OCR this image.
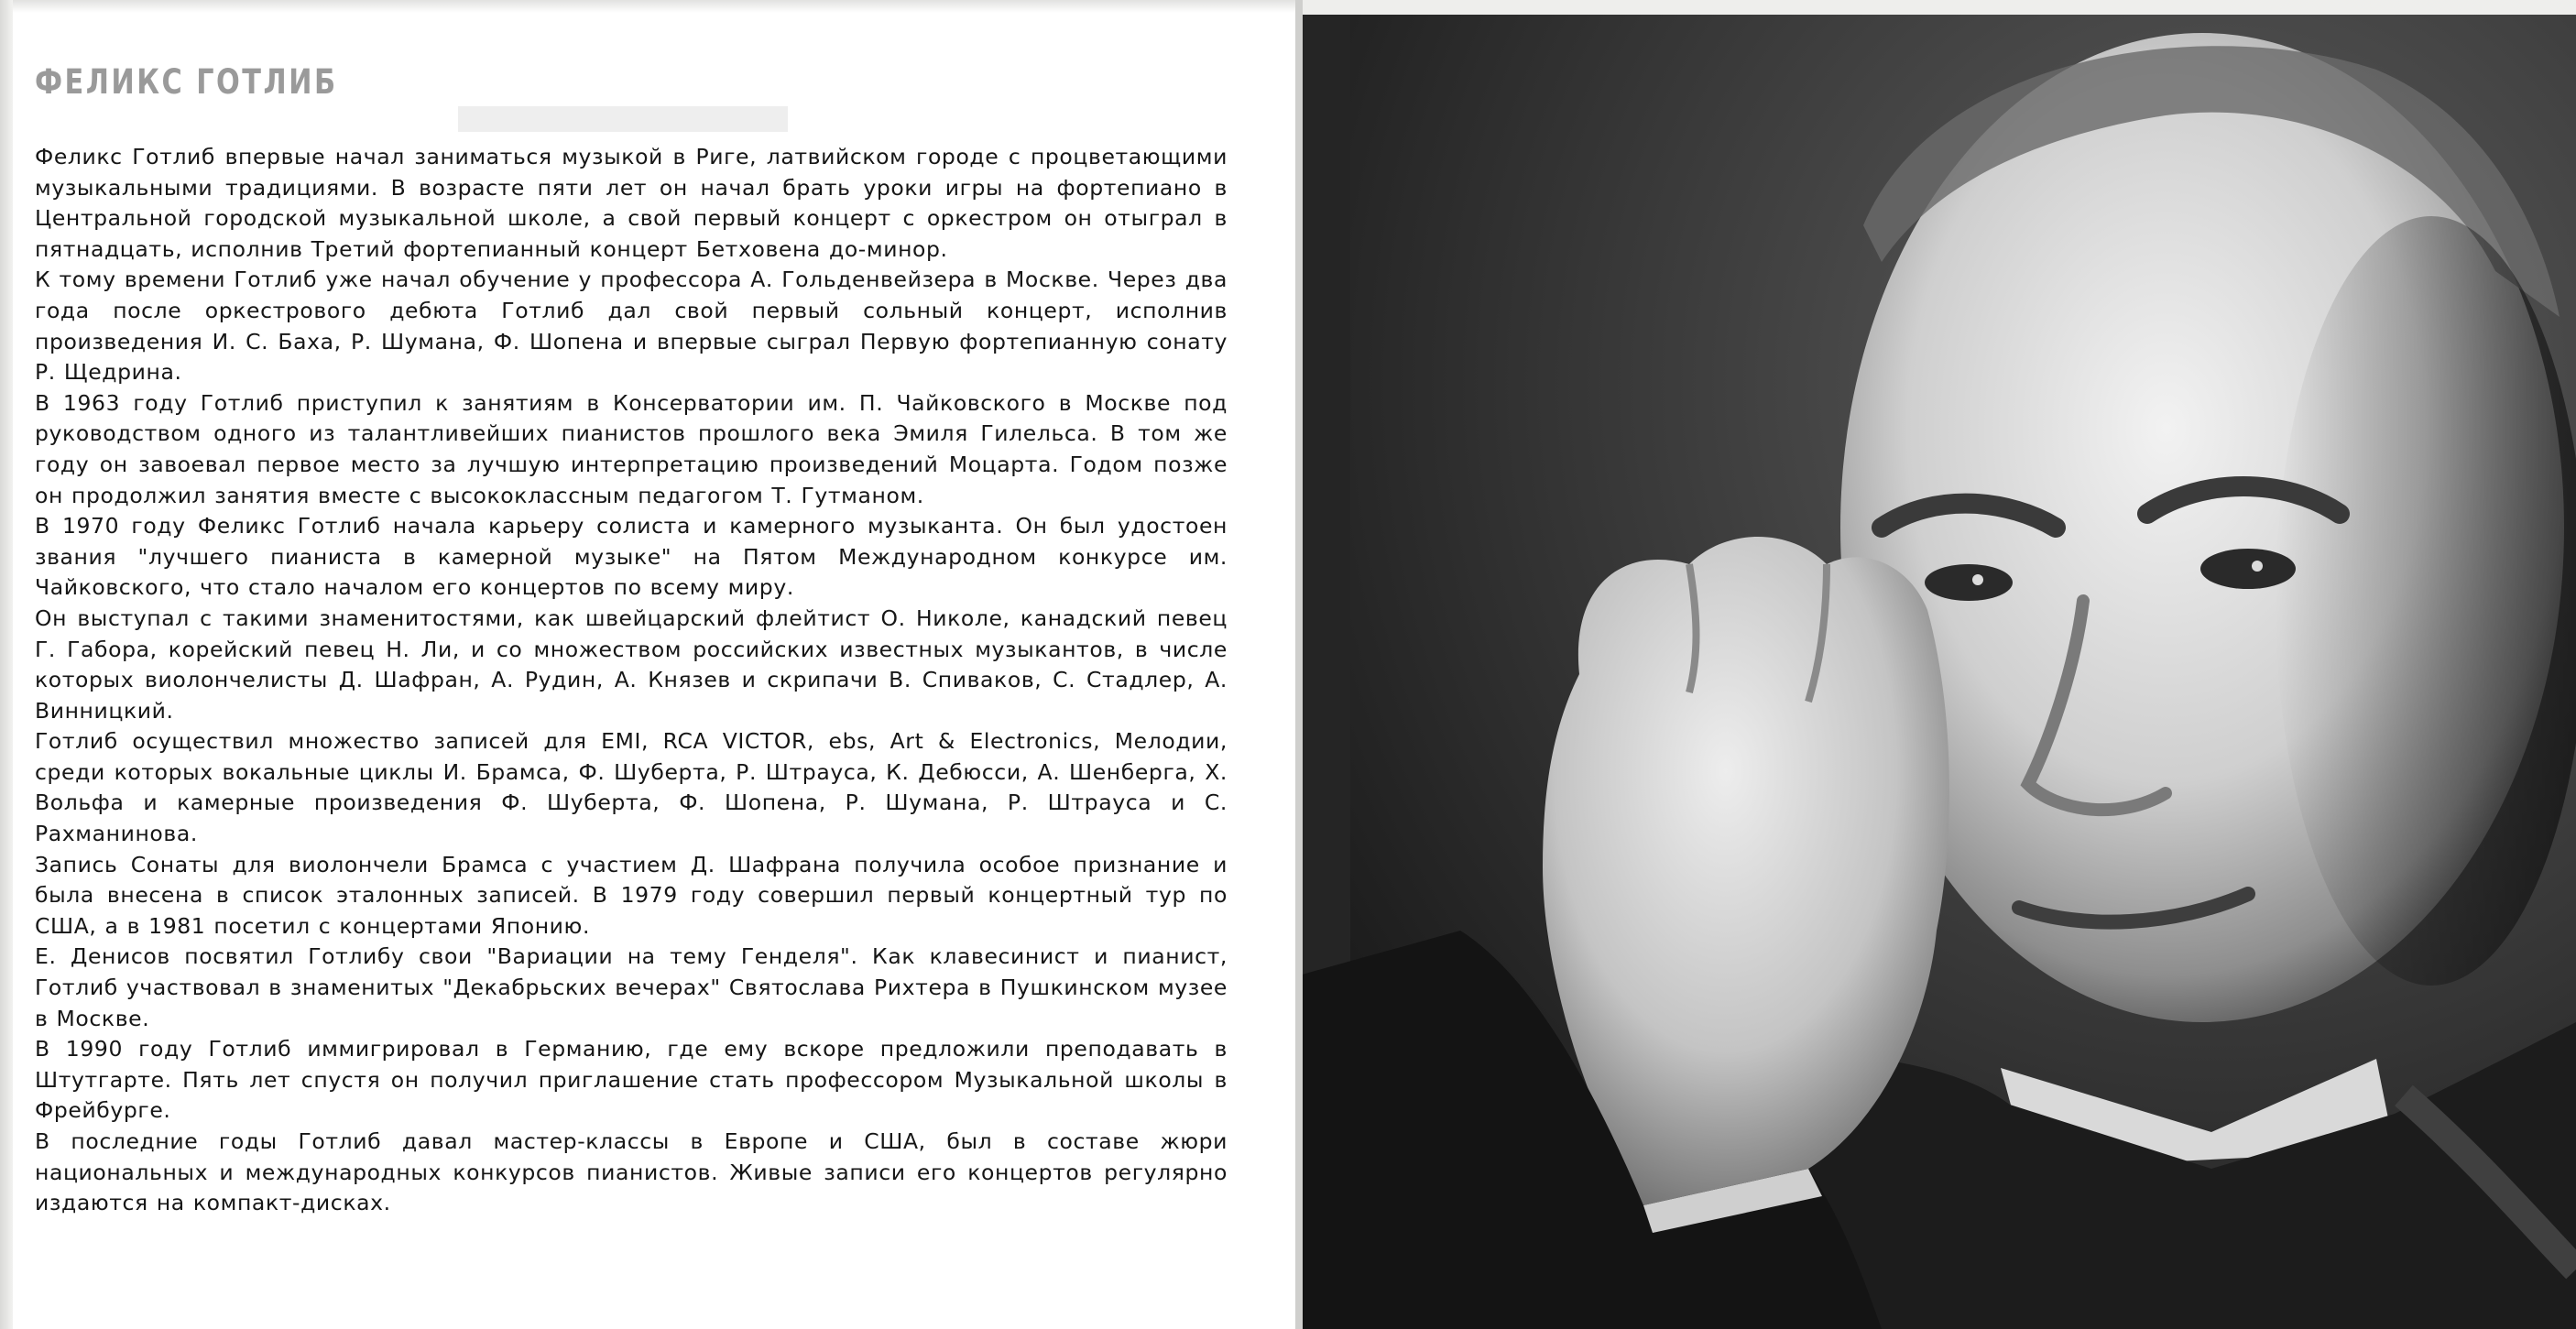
ФЕЛИКС ГОТЛИБ

Феликс Готлиб впервые начал заниматься музыкой в Риге, латвийском городе с процветающими музыкальными традициями. В возрасте пяти лет он начал брать уроки игры на фортепиано в Центральной городской музыкальной школе, а свой первый концерт с оркестром он отыграл в пятнадцать, исполнив Третий фортепианный концерт Бетховена до-минор.

К тому времени Готлиб уже начал обучение у профессора А. Гольденвейзера в Москве. Через два года после оркестрового дебюта Готлиб дал свой первый сольный концерт, исполнив произведения И. С. Баха, Р. Шумана, Ф. Шопена и впервые сыграл Первую фортепианную сонату Р. Щедрина.

В 1963 году Готлиб приступил к занятиям в Консерватории им. П. Чайковского в Москве под руководством одного из талантливейших пианистов прошлого века Эмиля Гилельса. В том же году он завоевал первое место за лучшую интерпретацию произведений Моцарта. Годом позже он продолжил занятия вместе с высококлассным педагогом Т. Гутманом.

В 1970 году Феликс Готлиб начала карьеру солиста и камерного музыканта. Он был удостоен звания "лучшего пианиста в камерной музыке" на Пятом Международном конкурсе им. Чайковского, что стало началом его концертов по всему миру.

Он выступал с такими знаменитостями, как швейцарский флейтист О. Николе, канадский певец Г. Габора, корейский певец Н. Ли, и со множеством российских известных музыкантов, в числе которых виолончелисты Д. Шафран, А. Рудин, А. Князев и скрипачи В. Спиваков, С. Стадлер, А. Винницкий.

Готлиб осуществил множество записей для EMI, RCA VICTOR, ebs, Art & Electronics, Мелодии, среди которых вокальные циклы И. Брамса, Ф. Шуберта, Р. Штрауса, К. Дебюсси, А. Шенберга, Х. Вольфа и камерные произведения Ф. Шуберта, Ф. Шопена, Р. Шумана, Р. Штрауса и С. Рахманинова.

Запись Сонаты для виолончели Брамса с участием Д. Шафрана получила особое признание и была внесена в список эталонных записей. В 1979 году совершил первый концертный тур по США, а в 1981 посетил с концертами Японию.

Е. Денисов посвятил Готлибу свои "Вариации на тему Генделя". Как клавесинист и пианист, Готлиб участвовал в знаменитых "Декабрьских вечерах" Святослава Рихтера в Пушкинском музее в Москве.

В 1990 году Готлиб иммигрировал в Германию, где ему вскоре предложили преподавать в Штутгарте. Пять лет спустя он получил приглашение стать профессором Музыкальной школы в Фрейбурге.

В последние годы Готлиб давал мастер-классы в Европе и США, был в составе жюри национальных и международных конкурсов пианистов. Живые записи его концертов регулярно издаются на компакт-дисках.
